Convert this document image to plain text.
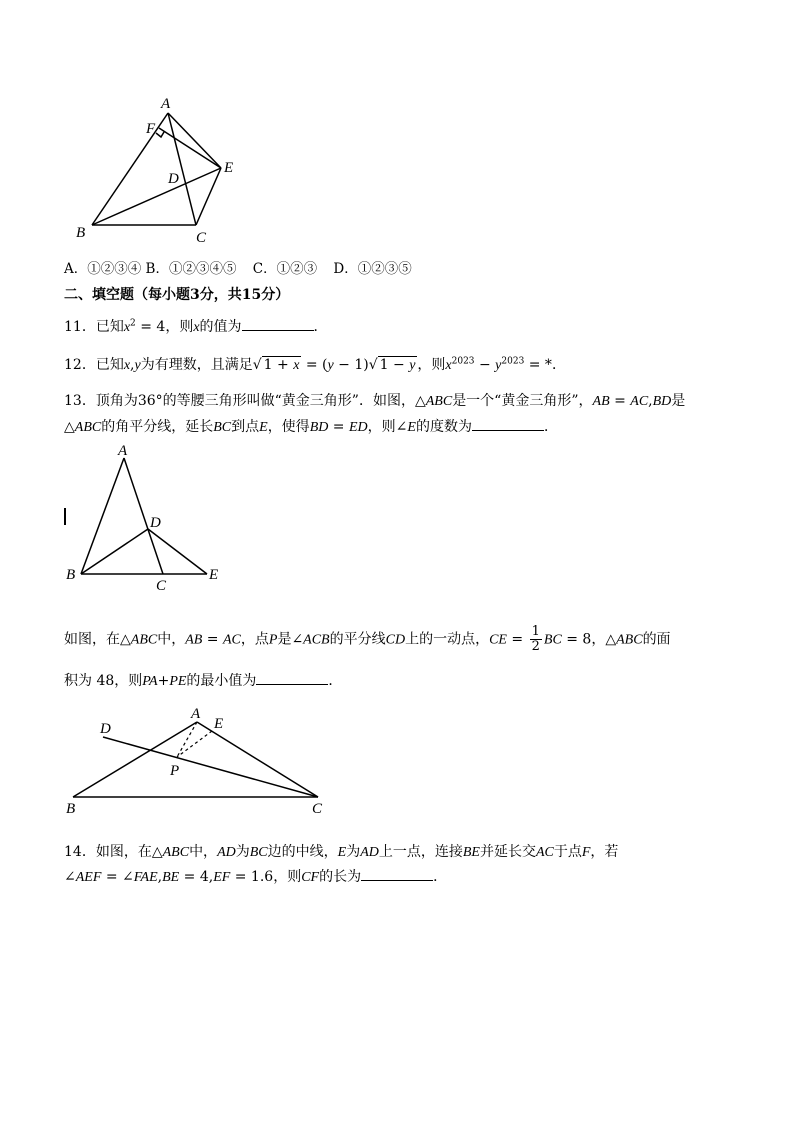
A
F
D
E
B	C
A．①②③④ B．①②③④⑤ C．①②③ D．①②③⑤
二、填空题（每小题3分，共15分）
11．已知$x^2 = 4$，则x的值为	．
12．已知x,y为有理数，且满足√ 1 + x = (y − 1)√ 1 − y ，则$x^{2023} - y^{2023}$ = *．
13．顶角为36°的等腰三角形叫做“黄金三角形”．如图，△ABC是一个“黄金三角形”，AB = AC,BD是
△ABC的角平分线，延长BC到点E，使得BD = ED，则∠E的度数为	．
A
D
B
C
E
如图，在△ABC中，AB = AC，点P是∠ACB的平分线CD上的一动点，CE = $\frac{1}{2}$ BC = 8，△ABC的面
积为 48，则PA+PE的最小值为	．
D
A
E
P
B	C
14．如图，在△ABC中，AD为BC边的中线，E为AD上一点，连接BE并延长交AC于点F，若
∠AEF = ∠FAE,BE = 4,EF = 1.6，则CF的长为	．
